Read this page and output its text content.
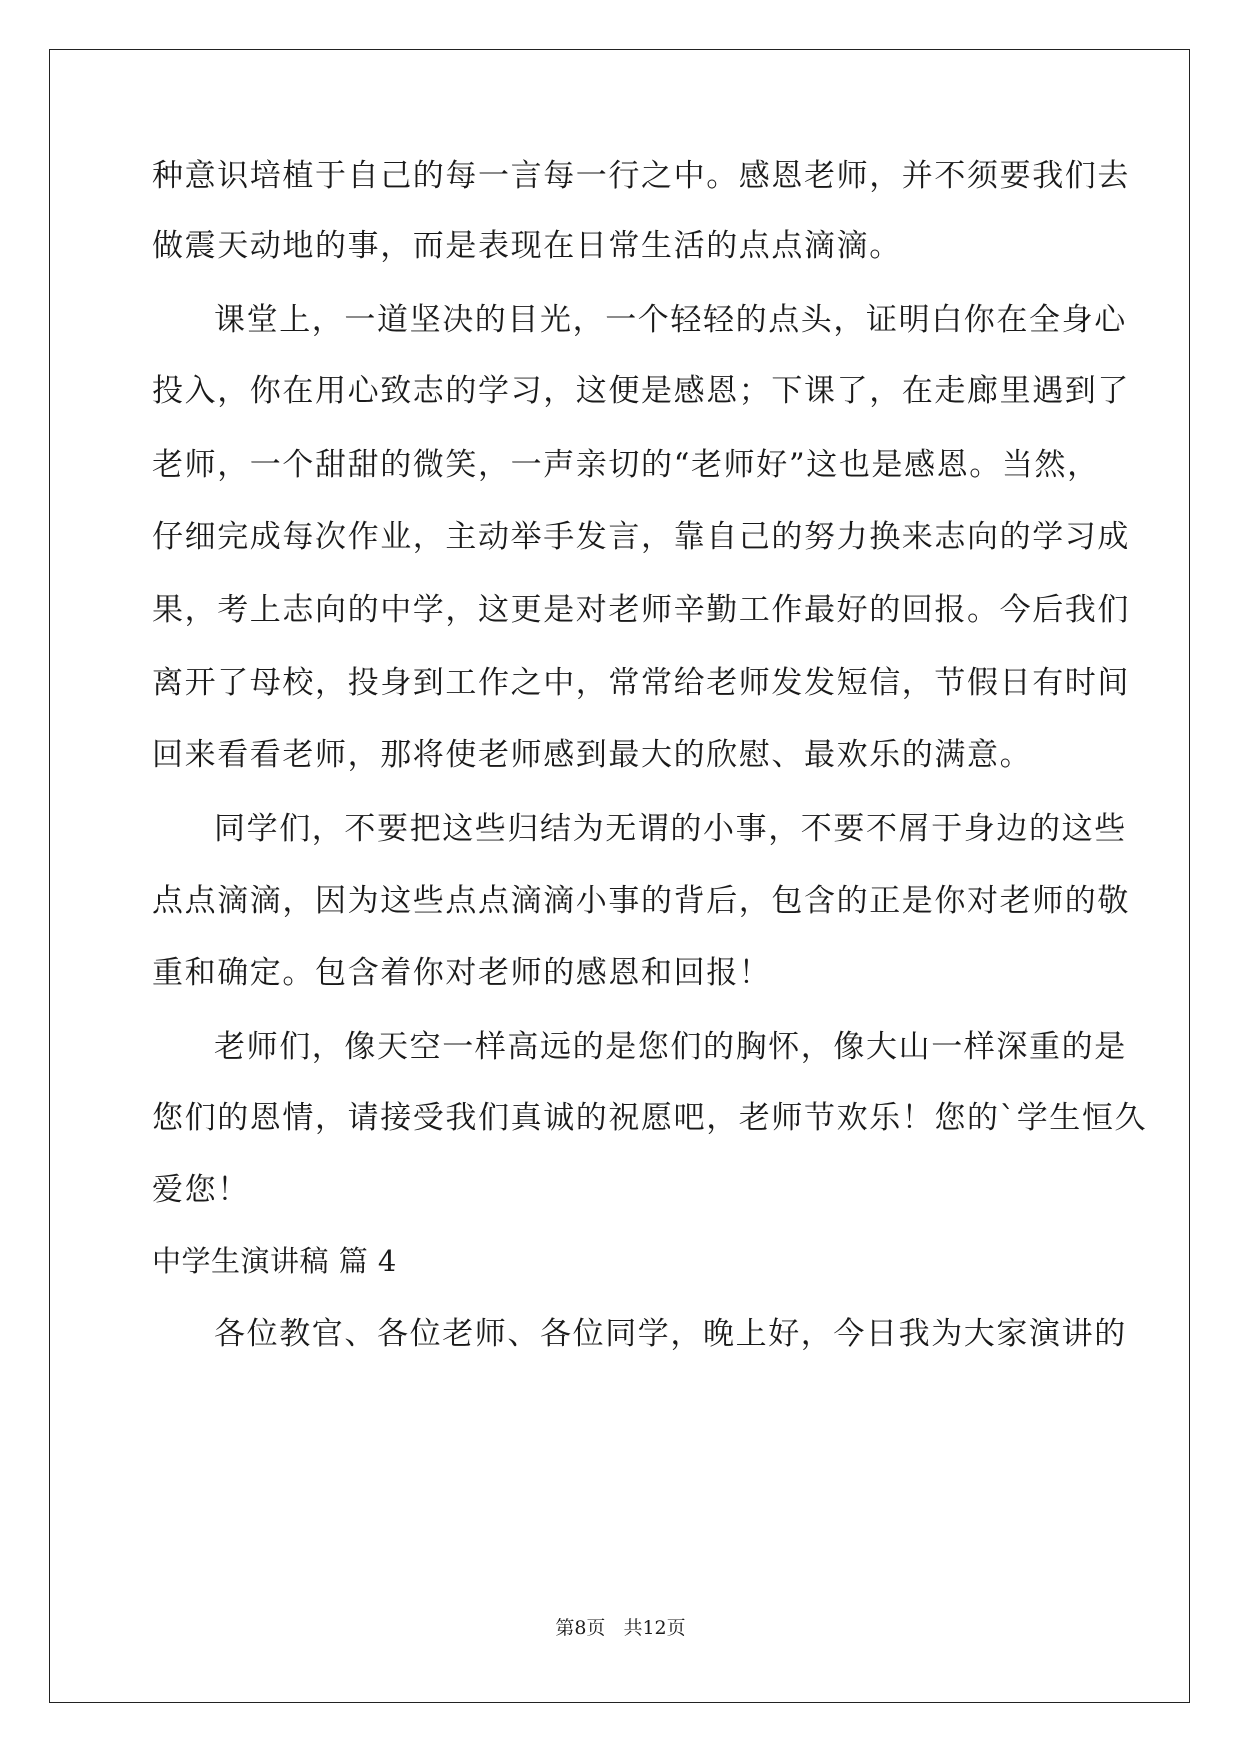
种意识培植于自己的每一言每一行之中。感恩老师，并不须要我们去
做震天动地的事，而是表现在日常生活的点点滴滴。
课堂上，一道坚决的目光，一个轻轻的点头，证明白你在全身心
投入，你在用心致志的学习，这便是感恩；下课了，在走廊里遇到了
老师，一个甜甜的微笑，一声亲切的“老师好”这也是感恩。当然，
仔细完成每次作业，主动举手发言，靠自己的努力换来志向的学习成
果，考上志向的中学，这更是对老师辛勤工作最好的回报。今后我们
离开了母校，投身到工作之中，常常给老师发发短信，节假日有时间
回来看看老师，那将使老师感到最大的欣慰、最欢乐的满意。
同学们，不要把这些归结为无谓的小事，不要不屑于身边的这些
点点滴滴，因为这些点点滴滴小事的背后，包含的正是你对老师的敬
重和确定。包含着你对老师的感恩和回报！
老师们，像天空一样高远的是您们的胸怀，像大山一样深重的是
您们的恩情，请接受我们真诚的祝愿吧，老师节欢乐！您的`学生恒久
爱您！
中学生演讲稿 篇 4
各位教官、各位老师、各位同学，晚上好，今日我为大家演讲的
第8页 共12页
